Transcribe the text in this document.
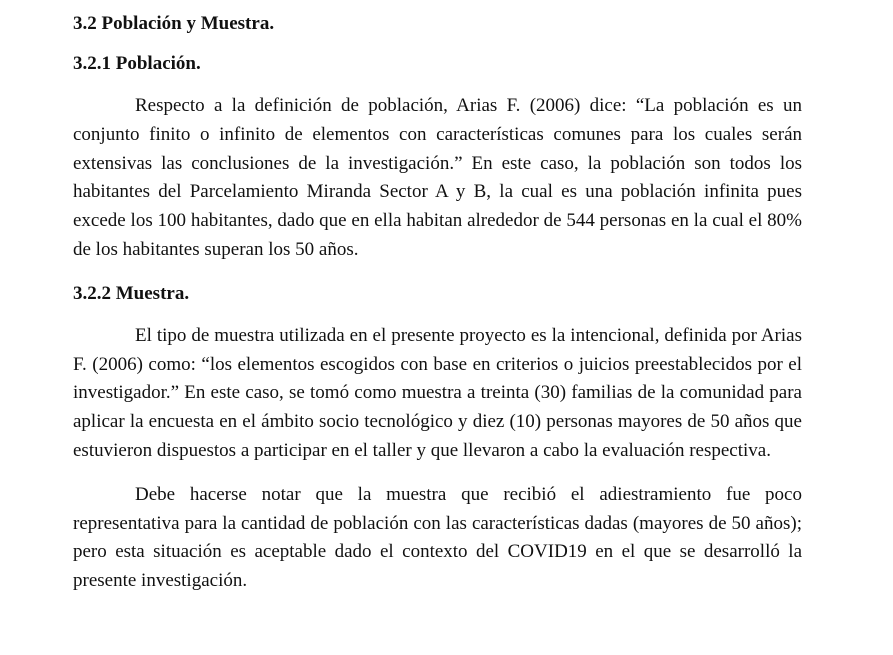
3.2 Población y Muestra.
3.2.1 Población.

Respecto a la definición de población, Arias F. (2006) dice: “La población es un conjunto finito o infinito de elementos con características comunes para los cuales serán extensivas las conclusiones de la investigación.” En este caso, la población son todos los habitantes del Parcelamiento Miranda Sector A y B, la cual es una población infinita pues excede los 100 habitantes, dado que en ella habitan alrededor de 544 personas en la cual el 80% de los habitantes superan los 50 años.

3.2.2 Muestra.

El tipo de muestra utilizada en el presente proyecto es la intencional, definida por Arias F. (2006) como: “los elementos escogidos con base en criterios o juicios preestablecidos por el investigador.” En este caso, se tomó como muestra a treinta (30) familias de la comunidad para aplicar la encuesta en el ámbito socio tecnológico y diez (10) personas mayores de 50 años que estuvieron dispuestos a participar en el taller y que llevaron a cabo la evaluación respectiva.

Debe hacerse notar que la muestra que recibió el adiestramiento fue poco representativa para la cantidad de población con las características dadas (mayores de 50 años); pero esta situación es aceptable dado el contexto del COVID19 en el que se desarrolló la presente investigación.
